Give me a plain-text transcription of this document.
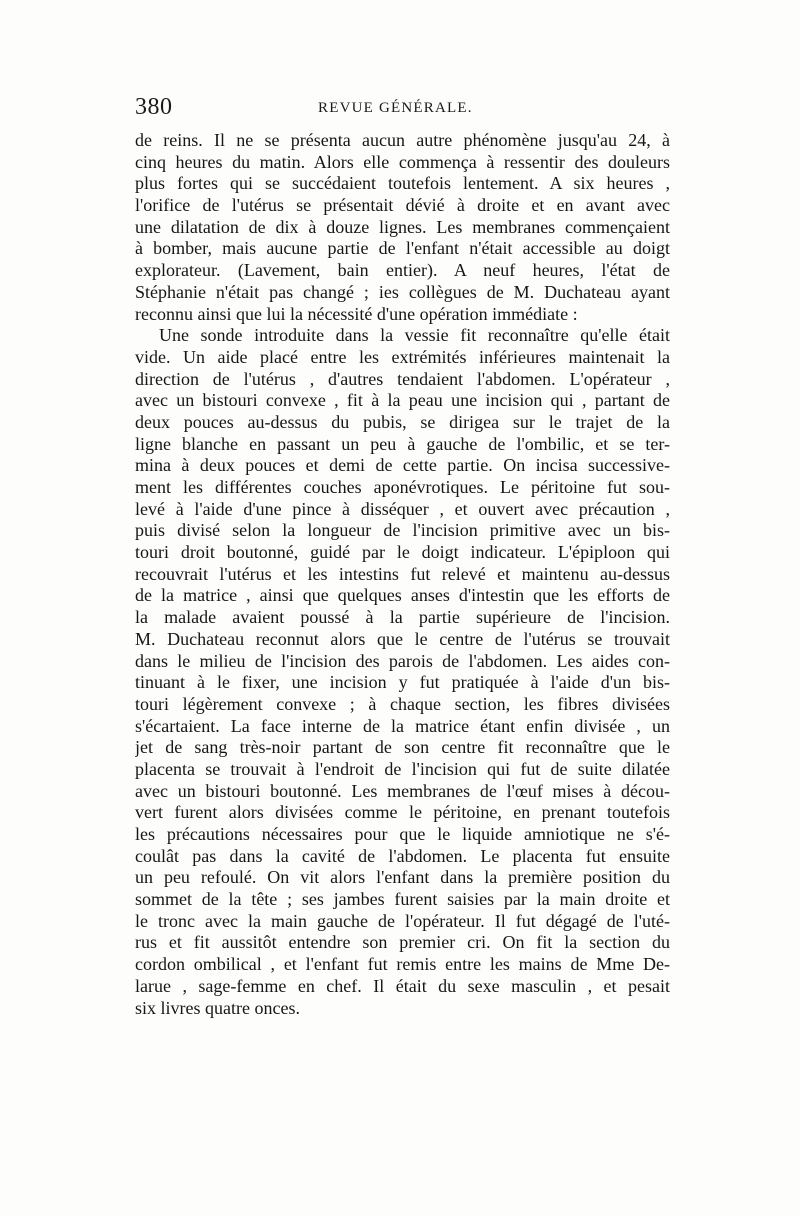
380	REVUE GÉNÉRALE.
de reins. Il ne se présenta aucun autre phénomène jusqu'au 24, à
cinq heures du matin. Alors elle commença à ressentir des douleurs
plus fortes qui se succédaient toutefois lentement. A six heures ,
l'orifice de l'utérus se présentait dévié à droite et en avant avec
une dilatation de dix à douze lignes. Les membranes commençaient
à bomber, mais aucune partie de l'enfant n'était accessible au doigt
explorateur. (Lavement, bain entier). A neuf heures, l'état de
Stéphanie n'était pas changé ; ies collègues de M. Duchateau ayant
reconnu ainsi que lui la nécessité d'une opération immédiate :
Une sonde introduite dans la vessie fit reconnaître qu'elle était
vide. Un aide placé entre les extrémités inférieures maintenait la
direction de l'utérus , d'autres tendaient l'abdomen. L'opérateur ,
avec un bistouri convexe , fit à la peau une incision qui , partant de
deux pouces au-dessus du pubis, se dirigea sur le trajet de la
ligne blanche en passant un peu à gauche de l'ombilic, et se ter-
mina à deux pouces et demi de cette partie. On incisa successive-
ment les différentes couches aponévrotiques. Le péritoine fut sou-
levé à l'aide d'une pince à disséquer , et ouvert avec précaution ,
puis divisé selon la longueur de l'incision primitive avec un bis-
touri droit boutonné, guidé par le doigt indicateur. L'épiploon qui
recouvrait l'utérus et les intestins fut relevé et maintenu au-dessus
de la matrice , ainsi que quelques anses d'intestin que les efforts de
la malade avaient poussé à la partie supérieure de l'incision.
M. Duchateau reconnut alors que le centre de l'utérus se trouvait
dans le milieu de l'incision des parois de l'abdomen. Les aides con-
tinuant à le fixer, une incision y fut pratiquée à l'aide d'un bis-
touri légèrement convexe ; à chaque section, les fibres divisées
s'écartaient. La face interne de la matrice étant enfin divisée , un
jet de sang très-noir partant de son centre fit reconnaître que le
placenta se trouvait à l'endroit de l'incision qui fut de suite dilatée
avec un bistouri boutonné. Les membranes de l'œuf mises à décou-
vert furent alors divisées comme le péritoine, en prenant toutefois
les précautions nécessaires pour que le liquide amniotique ne s'é-
coulât pas dans la cavité de l'abdomen. Le placenta fut ensuite
un peu refoulé. On vit alors l'enfant dans la première position du
sommet de la tête ; ses jambes furent saisies par la main droite et
le tronc avec la main gauche de l'opérateur. Il fut dégagé de l'uté-
rus et fit aussitôt entendre son premier cri. On fit la section du
cordon ombilical , et l'enfant fut remis entre les mains de Mme De-
larue , sage-femme en chef. Il était du sexe masculin , et pesait
six livres quatre onces.
